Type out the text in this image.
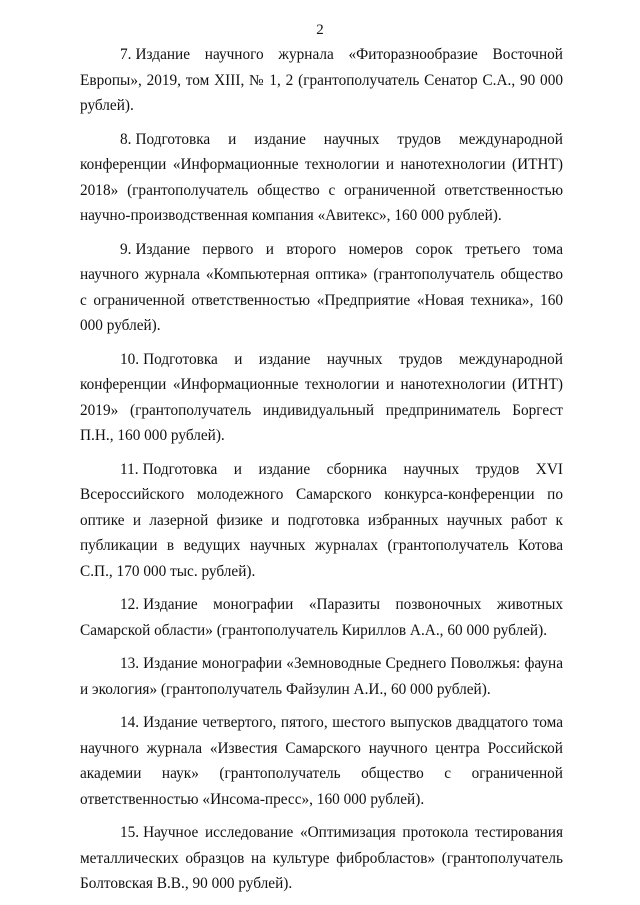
2

7. Издание научного журнала «Фиторазнообразие Восточной Европы», 2019, том XIII, № 1, 2 (грантополучатель Сенатор С.А., 90 000 рублей).

8. Подготовка и издание научных трудов международной конференции «Информационные технологии и нанотехнологии (ИТНТ) 2018» (грантополучатель общество с ограниченной ответственностью научно-производственная компания «Авитекс», 160 000 рублей).

9. Издание первого и второго номеров сорок третьего тома научного журнала «Компьютерная оптика» (грантополучатель общество с ограниченной ответственностью «Предприятие «Новая техника», 160 000 рублей).

10. Подготовка и издание научных трудов международной конференции «Информационные технологии и нанотехнологии (ИТНТ) 2019» (грантополучатель индивидуальный предприниматель Боргест П.Н., 160 000 рублей).

11. Подготовка и издание сборника научных трудов XVI Всероссийского молодежного Самарского конкурса-конференции по оптике и лазерной физике и подготовка избранных научных работ к публикации в ведущих научных журналах (грантополучатель Котова С.П., 170 000 тыс. рублей).

12. Издание монографии «Паразиты позвоночных животных Самарской области» (грантополучатель Кириллов А.А., 60 000 рублей).

13. Издание монографии «Земноводные Среднего Поволжья: фауна и экология» (грантополучатель Файзулин А.И., 60 000 рублей).

14. Издание четвертого, пятого, шестого выпусков двадцатого тома научного журнала «Известия Самарского научного центра Российской академии наук» (грантополучатель общество с ограниченной ответственностью «Инсома-пресс», 160 000 рублей).

15. Научное исследование «Оптимизация протокола тестирования металлических образцов на культуре фибробластов» (грантополучатель Болтовская В.В., 90 000 рублей).
